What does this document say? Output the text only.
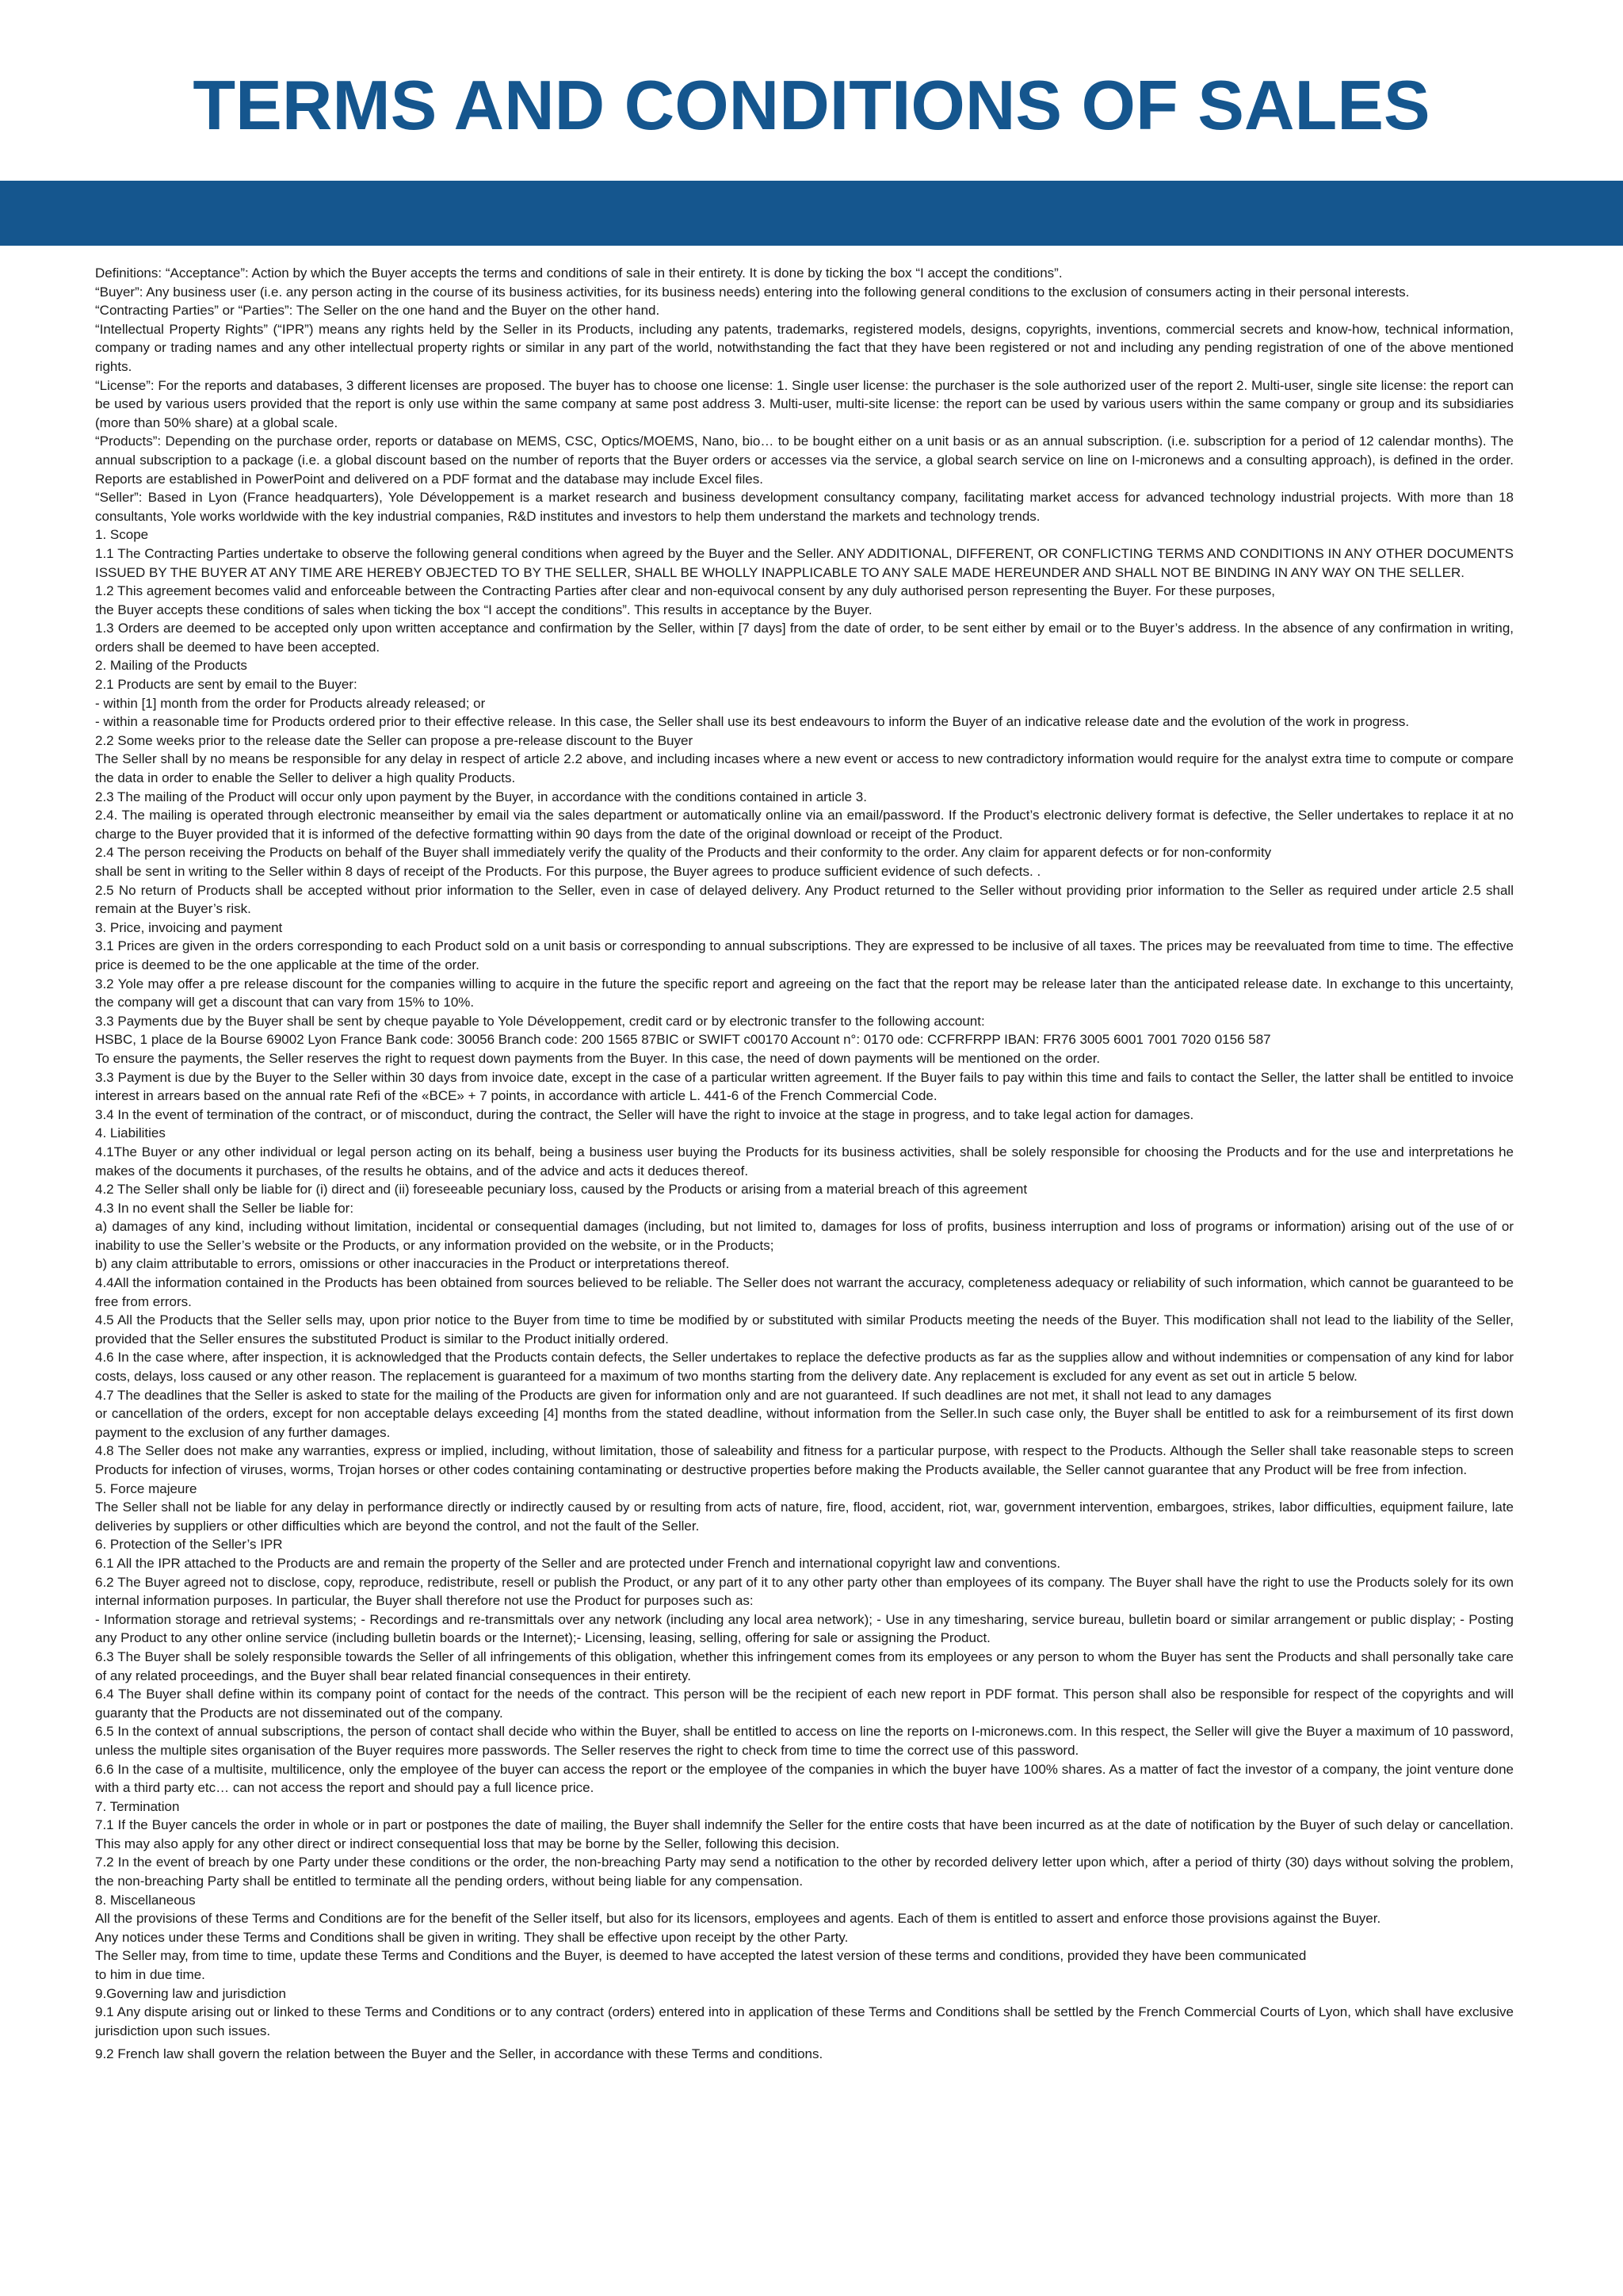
TERMS AND CONDITIONS OF SALES

Definitions: “Acceptance”: Action by which the Buyer accepts the terms and conditions of sale in their entirety. It is done by ticking the box “I accept the conditions”.

“Buyer”: Any business user (i.e. any person acting in the course of its business activities, for its business needs) entering into the following general conditions to the exclusion of consumers acting in their personal interests.

“Contracting Parties” or “Parties”: The Seller on the one hand and the Buyer on the other hand.

“Intellectual Property Rights” (“IPR”) means any rights held by the Seller in its Products, including any patents, trademarks, registered models, designs, copyrights, inventions, commercial secrets and know-how, technical information, company or trading names and any other intellectual property rights or similar in any part of the world, notwithstanding the fact that they have been registered or not and including any pending registration of one of the above mentioned rights.

“License”: For the reports and databases, 3 different licenses are proposed. The buyer has to choose one license: 1. Single user license: the purchaser is the sole authorized user of the report 2. Multi-user, single site license: the report can be used by various users provided that the report is only use within the same company at same post address 3. Multi-user, multi-site license: the report can be used by various users within the same company or group and its subsidiaries (more than 50% share) at a global scale.

“Products”: Depending on the purchase order, reports or database on MEMS, CSC, Optics/MOEMS, Nano, bio… to be bought either on a unit basis or as an annual subscription. (i.e. subscription for a period of 12 calendar months). The annual subscription to a package (i.e. a global discount based on the number of reports that the Buyer orders or accesses via the service, a global search service on line on I-micronews and a consulting approach), is defined in the order. Reports are established in PowerPoint and delivered on a PDF format and the database may include Excel files.

“Seller”: Based in Lyon (France headquarters), Yole Développement is a market research and business development consultancy company, facilitating market access for advanced technology industrial projects. With more than 18 consultants, Yole works worldwide with the key industrial companies, R&D institutes and investors to help them understand the markets and technology trends.

1. Scope

1.1 The Contracting Parties undertake to observe the following general conditions when agreed by the Buyer and the Seller. ANY ADDITIONAL, DIFFERENT, OR CONFLICTING TERMS AND CONDITIONS IN ANY OTHER DOCUMENTS ISSUED BY THE BUYER AT ANY TIME ARE HEREBY OBJECTED TO BY THE SELLER, SHALL BE WHOLLY INAPPLICABLE TO ANY SALE MADE HEREUNDER AND SHALL NOT BE BINDING IN ANY WAY ON THE SELLER.

1.2 This agreement becomes valid and enforceable between the Contracting Parties after clear and non-equivocal consent by any duly authorised person representing the Buyer. For these purposes,

the Buyer accepts these conditions of sales when ticking the box “I accept the conditions”. This results in acceptance by the Buyer.

1.3 Orders are deemed to be accepted only upon written acceptance and confirmation by the Seller, within [7 days] from the date of order, to be sent either by email or to the Buyer’s address. In the absence of any confirmation in writing, orders shall be deemed to have been accepted.

2. Mailing of the Products

2.1 Products are sent by email to the Buyer:

- within [1] month from the order for Products already released; or

- within a reasonable time for Products ordered prior to their effective release. In this case, the Seller shall use its best endeavours to inform the Buyer of an indicative release date and the evolution of the work in progress.

2.2 Some weeks prior to the release date the Seller can propose a pre-release discount to the Buyer

The Seller shall by no means be responsible for any delay in respect of article 2.2 above, and including incases where a new event or access to new contradictory information would require for the analyst extra time to compute or compare the data in order to enable the Seller to deliver a high quality Products.

2.3 The mailing of the Product will occur only upon payment by the Buyer, in accordance with the conditions contained in article 3.

2.4. The mailing is operated through electronic meanseither by email via the sales department or automatically online via an email/password. If the Product’s electronic delivery format is defective, the Seller undertakes to replace it at no charge to the Buyer provided that it is informed of the defective formatting within 90 days from the date of the original download or receipt of the Product.

2.4 The person receiving the Products on behalf of the Buyer shall immediately verify the quality of the Products and their conformity to the order. Any claim for apparent defects or for non-conformity

shall be sent in writing to the Seller within 8 days of receipt of the Products. For this purpose, the Buyer agrees to produce sufficient evidence of such defects. .

2.5 No return of Products shall be accepted without prior information to the Seller, even in case of delayed delivery. Any Product returned to the Seller without providing prior information to the Seller as required under article 2.5 shall remain at the Buyer’s risk.

3. Price, invoicing and payment

3.1 Prices are given in the orders corresponding to each Product sold on a unit basis or corresponding to annual subscriptions. They are expressed to be inclusive of all taxes. The prices may be reevaluated from time to time. The effective price is deemed to be the one applicable at the time of the order.

3.2 Yole may offer a pre release discount for the companies willing to acquire in the future the specific report and agreeing on the fact that the report may be release later than the anticipated release date. In exchange to this uncertainty, the company will get a discount that can vary from 15% to 10%.

3.3 Payments due by the Buyer shall be sent by cheque payable to Yole Développement, credit card or by electronic transfer to the following account:

HSBC, 1 place de la Bourse 69002 Lyon France Bank code: 30056 Branch code: 200 1565 87BIC or SWIFT c00170 Account n°: 0170 ode: CCFRFRPP IBAN: FR76 3005 6001 7001 7020 0156 587

To ensure the payments, the Seller reserves the right to request down payments from the Buyer. In this case, the need of down payments will be mentioned on the order.

3.3 Payment is due by the Buyer to the Seller within 30 days from invoice date, except in the case of a particular written agreement. If the Buyer fails to pay within this time and fails to contact the Seller, the latter shall be entitled to invoice interest in arrears based on the annual rate Refi of the «BCE» + 7 points, in accordance with article L. 441-6 of the French Commercial Code.

3.4 In the event of termination of the contract, or of misconduct, during the contract, the Seller will have the right to invoice at the stage in progress, and to take legal action for damages.

4. Liabilities

4.1The Buyer or any other individual or legal person acting on its behalf, being a business user buying the Products for its business activities, shall be solely responsible for choosing the Products and for the use and interpretations he makes of the documents it purchases, of the results he obtains, and of the advice and acts it deduces thereof.

4.2 The Seller shall only be liable for (i) direct and (ii) foreseeable pecuniary loss, caused by the Products or arising from a material breach of this agreement

4.3 In no event shall the Seller be liable for:

a) damages of any kind, including without limitation, incidental or consequential damages (including, but not limited to, damages for loss of profits, business interruption and loss of programs or information) arising out of the use of or inability to use the Seller’s website or the Products, or any information provided on the website, or in the Products;

b) any claim attributable to errors, omissions or other inaccuracies in the Product or interpretations thereof.

4.4All the information contained in the Products has been obtained from sources believed to be reliable. The Seller does not warrant the accuracy, completeness adequacy or reliability of such information, which cannot be guaranteed to be free from errors.

4.5 All the Products that the Seller sells may, upon prior notice to the Buyer from time to time be modified by or substituted with similar Products meeting the needs of the Buyer. This modification shall not lead to the liability of the Seller, provided that the Seller ensures the substituted Product is similar to the Product initially ordered.

4.6 In the case where, after inspection, it is acknowledged that the Products contain defects, the Seller undertakes to replace the defective products as far as the supplies allow and without indemnities or compensation of any kind for labor costs, delays, loss caused or any other reason. The replacement is guaranteed for a maximum of two months starting from the delivery date. Any replacement is excluded for any event as set out in article 5 below.

4.7 The deadlines that the Seller is asked to state for the mailing of the Products are given for information only and are not guaranteed. If such deadlines are not met, it shall not lead to any damages

or cancellation of the orders, except for non acceptable delays exceeding [4] months from the stated deadline, without information from the Seller.In such case only, the Buyer shall be entitled to ask for a reimbursement of its first down payment to the exclusion of any further damages.

4.8 The Seller does not make any warranties, express or implied, including, without limitation, those of saleability and fitness for a particular purpose, with respect to the Products. Although the Seller shall take reasonable steps to screen Products for infection of viruses, worms, Trojan horses or other codes containing contaminating or destructive properties before making the Products available, the Seller cannot guarantee that any Product will be free from infection.

5. Force majeure

The Seller shall not be liable for any delay in performance directly or indirectly caused by or resulting from acts of nature, fire, flood, accident, riot, war, government intervention, embargoes, strikes, labor difficulties, equipment failure, late deliveries by suppliers or other difficulties which are beyond the control, and not the fault of the Seller.

6. Protection of the Seller’s IPR

6.1 All the IPR attached to the Products are and remain the property of the Seller and are protected under French and international copyright law and conventions.

6.2 The Buyer agreed not to disclose, copy, reproduce, redistribute, resell or publish the Product, or any part of it to any other party other than employees of its company. The Buyer shall have the right to use the Products solely for its own internal information purposes. In particular, the Buyer shall therefore not use the Product for purposes such as:

- Information storage and retrieval systems; - Recordings and re-transmittals over any network (including any local area network); - Use in any timesharing, service bureau, bulletin board or similar arrangement or public display; - Posting any Product to any other online service (including bulletin boards or the Internet);- Licensing, leasing, selling, offering for sale or assigning the Product.

6.3 The Buyer shall be solely responsible towards the Seller of all infringements of this obligation, whether this infringement comes from its employees or any person to whom the Buyer has sent the Products and shall personally take care of any related proceedings, and the Buyer shall bear related financial consequences in their entirety.

6.4 The Buyer shall define within its company point of contact for the needs of the contract. This person will be the recipient of each new report in PDF format. This person shall also be responsible for respect of the copyrights and will guaranty that the Products are not disseminated out of the company.

6.5 In the context of annual subscriptions, the person of contact shall decide who within the Buyer, shall be entitled to access on line the reports on I-micronews.com. In this respect, the Seller will give the Buyer a maximum of 10 password, unless the multiple sites organisation of the Buyer requires more passwords. The Seller reserves the right to check from time to time the correct use of this password.

6.6 In the case of a multisite, multilicence, only the employee of the buyer can access the report or the employee of the companies in which the buyer have 100% shares. As a matter of fact the investor of a company, the joint venture done with a third party etc… can not access the report and should pay a full licence price.

7. Termination

7.1 If the Buyer cancels the order in whole or in part or postpones the date of mailing, the Buyer shall indemnify the Seller for the entire costs that have been incurred as at the date of notification by the Buyer of such delay or cancellation. This may also apply for any other direct or indirect consequential loss that may be borne by the Seller, following this decision.

7.2 In the event of breach by one Party under these conditions or the order, the non-breaching Party may send a notification to the other by recorded delivery letter upon which, after a period of thirty (30) days without solving the problem, the non-breaching Party shall be entitled to terminate all the pending orders, without being liable for any compensation.

8. Miscellaneous

All the provisions of these Terms and Conditions are for the benefit of the Seller itself, but also for its licensors, employees and agents. Each of them is entitled to assert and enforce those provisions against the Buyer.

Any notices under these Terms and Conditions shall be given in writing. They shall be effective upon receipt by the other Party.

The Seller may, from time to time, update these Terms and Conditions and the Buyer, is deemed to have accepted the latest version of these terms and conditions, provided they have been communicated

to him in due time.

9.Governing law and jurisdiction

9.1 Any dispute arising out or linked to these Terms and Conditions or to any contract (orders) entered into in application of these Terms and Conditions shall be settled by the French Commercial Courts of Lyon, which shall have exclusive jurisdiction upon such issues.

9.2 French law shall govern the relation between the Buyer and the Seller, in accordance with these Terms and conditions.
